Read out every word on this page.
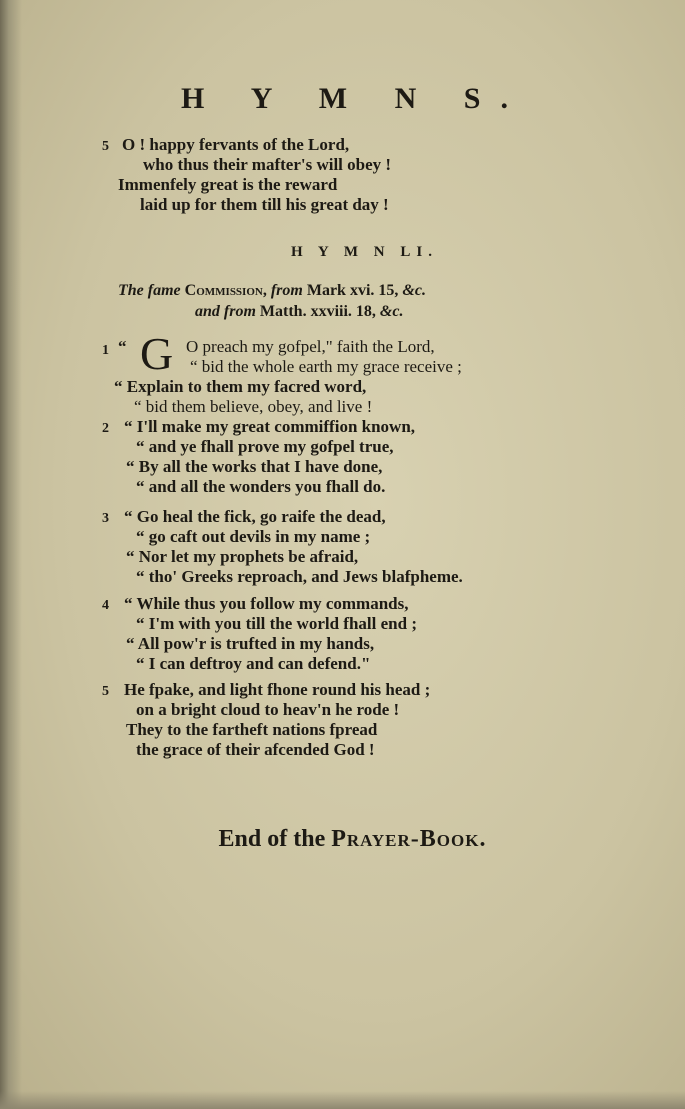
H Y M N S.
5 O ! happy fervants of the Lord,
who thus their mafter's will obey !
Immenfely great is the reward
laid up for them till his great day !
H Y M N LI.
The fame Commission, from Mark xvi. 15, &c.
and from Matth. xxviii. 18, &c.
1 “ G O preach my gofpel," faith the Lord,
“ bid the whole earth my grace receive ;
“ Explain to them my facred word,
“ bid them believe, obey, and live !
2 “ I'll make my great commiffion known,
“ and ye fhall prove my gofpel true,
“ By all the works that I have done,
“ and all the wonders you fhall do.
3 “ Go heal the fick, go raife the dead,
“ go caft out devils in my name ;
“ Nor let my prophets be afraid,
“ tho' Greeks reproach, and Jews blafpheme.
4 “ While thus you follow my commands,
“ I'm with you till the world fhall end ;
“ All pow'r is trufted in my hands,
“ I can deftroy and can defend."
5 He fpake, and light fhone round his head ;
on a bright cloud to heav'n he rode !
They to the fartheft nations fpread
the grace of their afcended God !
End of the Prayer-Book.
